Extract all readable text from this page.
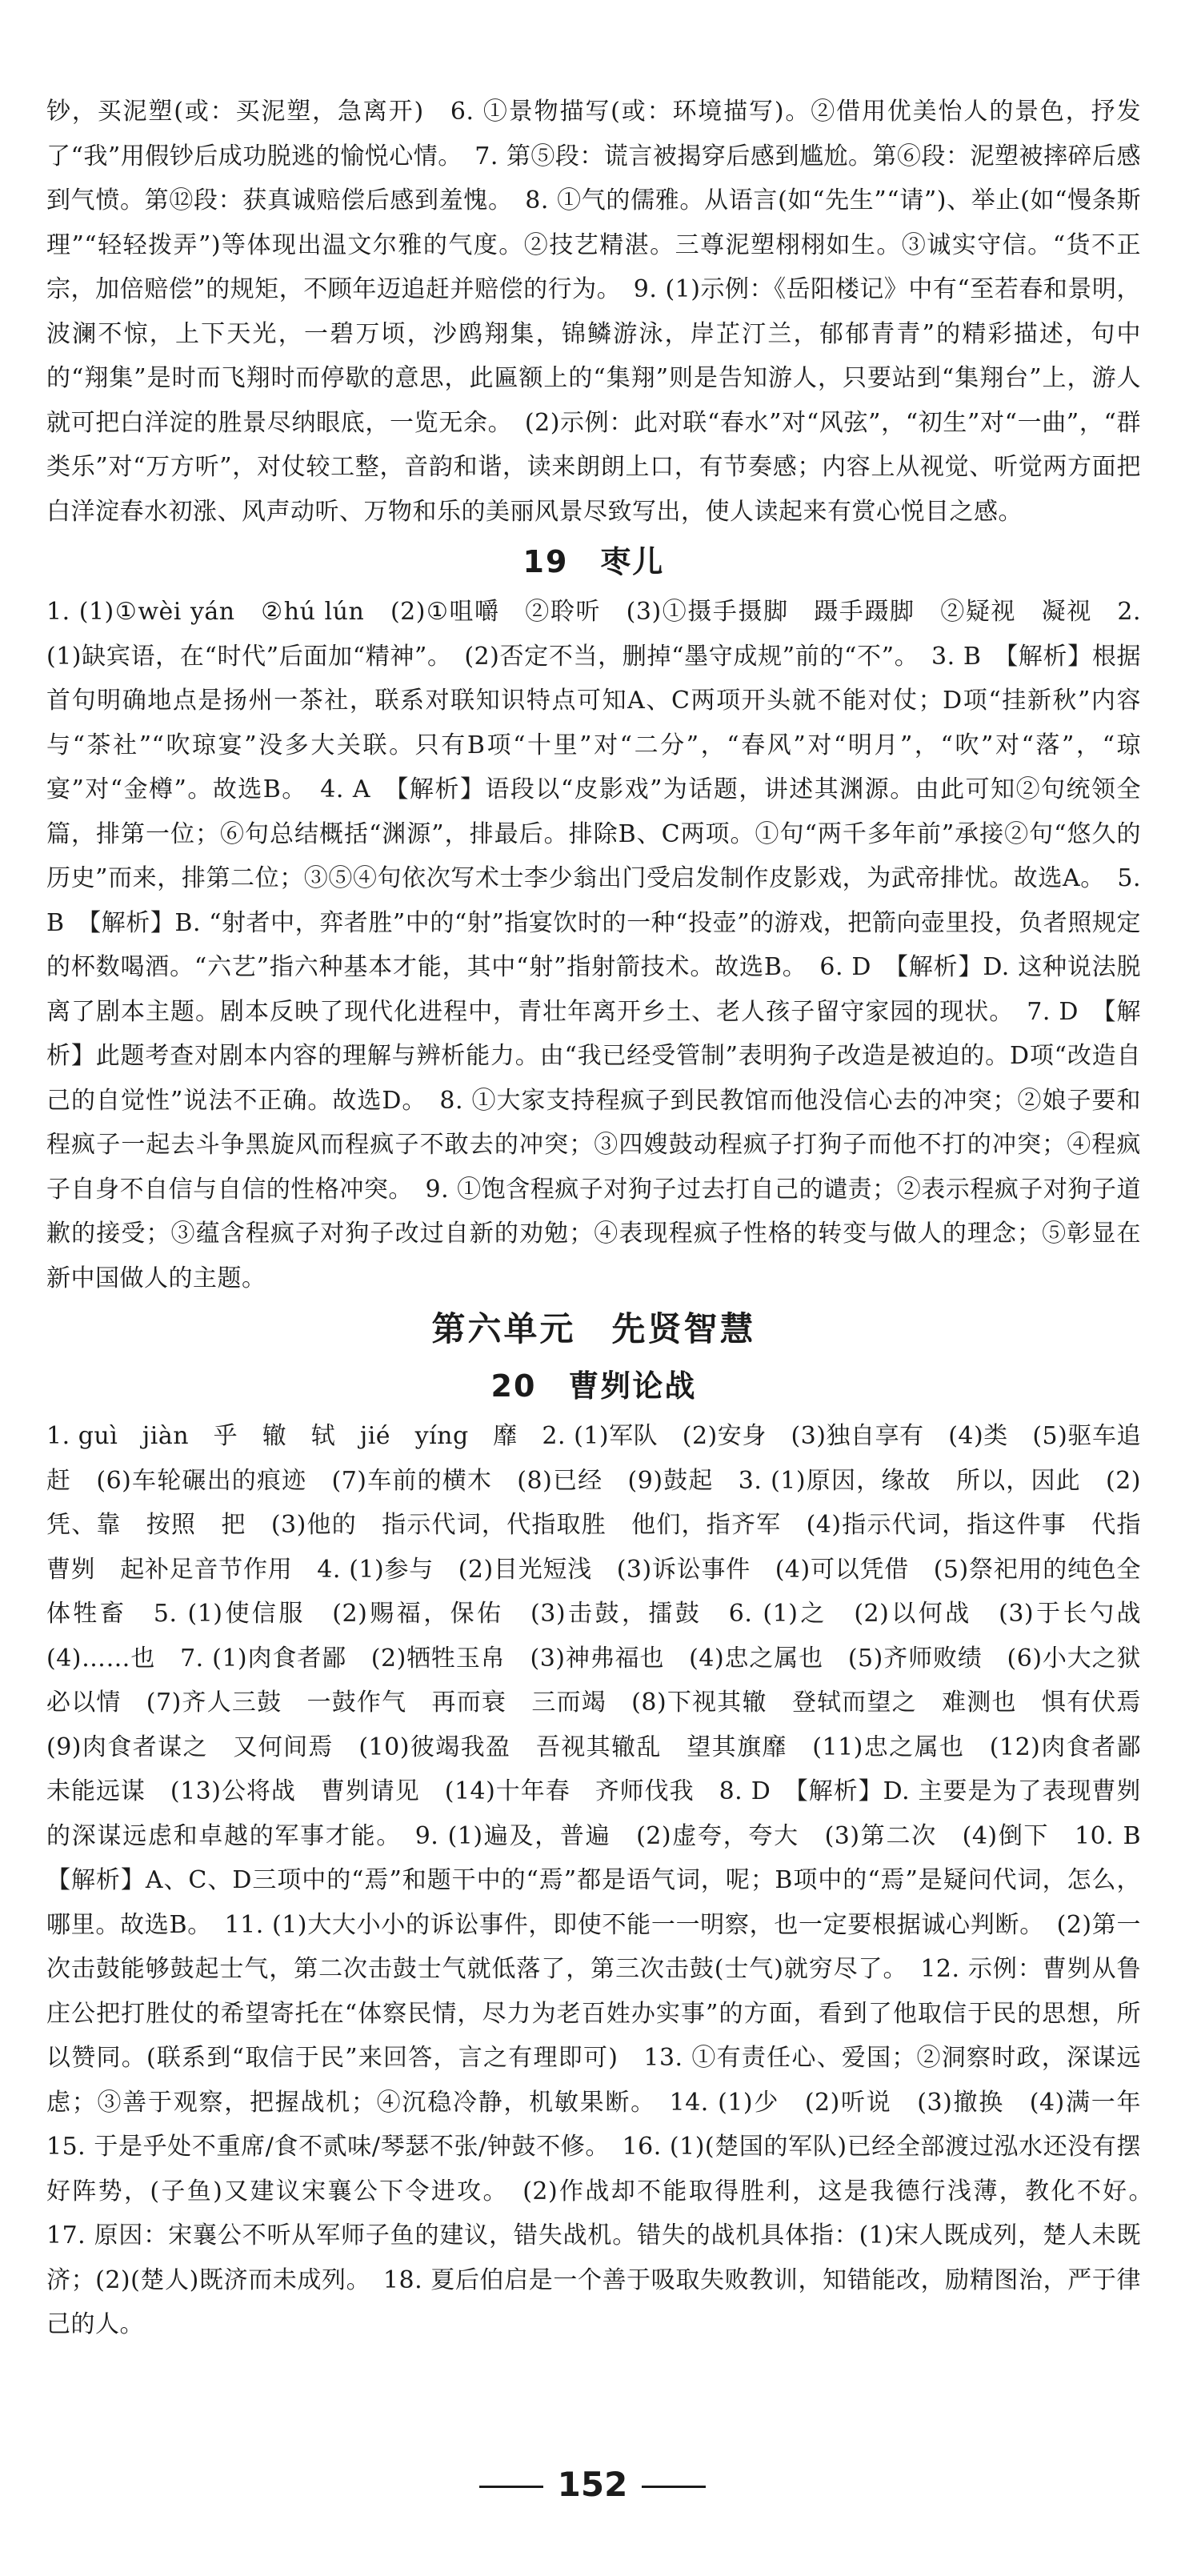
钞，买泥塑(或：买泥塑，急离开)　6. ①景物描写(或：环境描写)。②借用优美怡人的景色，抒发了“我”用假钞后成功脱逃的愉悦心情。　7. 第⑤段：谎言被揭穿后感到尴尬。第⑥段：泥塑被摔碎后感到气愤。第⑫段：获真诚赔偿后感到羞愧。　8. ①气的儒雅。从语言(如“先生”“请”)、举止(如“慢条斯理”“轻轻拨弄”)等体现出温文尔雅的气度。②技艺精湛。三尊泥塑栩栩如生。③诚实守信。“货不正宗，加倍赔偿”的规矩，不顾年迈追赶并赔偿的行为。　9. (1)示例：《岳阳楼记》中有“至若春和景明，波澜不惊，上下天光，一碧万顷，沙鸥翔集，锦鳞游泳，岸芷汀兰，郁郁青青”的精彩描述，句中的“翔集”是时而飞翔时而停歇的意思，此匾额上的“集翔”则是告知游人，只要站到“集翔台”上，游人就可把白洋淀的胜景尽纳眼底，一览无余。　(2)示例：此对联“春水”对“风弦”，“初生”对“一曲”，“群类乐”对“万方听”，对仗较工整，音韵和谐，读来朗朗上口，有节奏感；内容上从视觉、听觉两方面把白洋淀春水初涨、风声动听、万物和乐的美丽风景尽致写出，使人读起来有赏心悦目之感。

19　枣儿

1. (1)①wèi yán　②hú lún　(2)①咀嚼　②聆听　(3)①摄手摄脚　蹑手蹑脚　②疑视　凝视　2. (1)缺宾语，在“时代”后面加“精神”。　(2)否定不当，删掉“墨守成规”前的“不”。　3. B　【解析】根据首句明确地点是扬州一茶社，联系对联知识特点可知A、C两项开头就不能对仗；D项“挂新秋”内容与“茶社”“吹琼宴”没多大关联。只有B项“十里”对“二分”，“春风”对“明月”，“吹”对“落”，“琼宴”对“金樽”。故选B。　4. A　【解析】语段以“皮影戏”为话题，讲述其渊源。由此可知②句统领全篇，排第一位；⑥句总结概括“渊源”，排最后。排除B、C两项。①句“两千多年前”承接②句“悠久的历史”而来，排第二位；③⑤④句依次写术士李少翁出门受启发制作皮影戏，为武帝排忧。故选A。　5. B　【解析】B. “射者中，弈者胜”中的“射”指宴饮时的一种“投壶”的游戏，把箭向壶里投，负者照规定的杯数喝酒。“六艺”指六种基本才能，其中“射”指射箭技术。故选B。　6. D　【解析】D. 这种说法脱离了剧本主题。剧本反映了现代化进程中，青壮年离开乡土、老人孩子留守家园的现状。　7. D　【解析】此题考查对剧本内容的理解与辨析能力。由“我已经受管制”表明狗子改造是被迫的。D项“改造自己的自觉性”说法不正确。故选D。　8. ①大家支持程疯子到民教馆而他没信心去的冲突；②娘子要和程疯子一起去斗争黑旋风而程疯子不敢去的冲突；③四嫂鼓动程疯子打狗子而他不打的冲突；④程疯子自身不自信与自信的性格冲突。　9. ①饱含程疯子对狗子过去打自己的谴责；②表示程疯子对狗子道歉的接受；③蕴含程疯子对狗子改过自新的劝勉；④表现程疯子性格的转变与做人的理念；⑤彰显在新中国做人的主题。

第六单元　先贤智慧
20　曹刿论战

1. guì　jiàn　乎　辙　轼　jié　yíng　靡　2. (1)军队　(2)安身　(3)独自享有　(4)类　(5)驱车追赶　(6)车轮碾出的痕迹　(7)车前的横木　(8)已经　(9)鼓起　3. (1)原因，缘故　所以，因此　(2)凭、靠　按照　把　(3)他的　指示代词，代指取胜　他们，指齐军　(4)指示代词，指这件事　代指曹刿　起补足音节作用　4. (1)参与　(2)目光短浅　(3)诉讼事件　(4)可以凭借　(5)祭祀用的纯色全体牲畜　5. (1)使信服　(2)赐福，保佑　(3)击鼓，擂鼓　6. (1)之　(2)以何战　(3)于长勺战　(4)……也　7. (1)肉食者鄙　(2)牺牲玉帛　(3)神弗福也　(4)忠之属也　(5)齐师败绩　(6)小大之狱　必以情　(7)齐人三鼓　一鼓作气　再而衰　三而竭　(8)下视其辙　登轼而望之　难测也　惧有伏焉　(9)肉食者谋之　又何间焉　(10)彼竭我盈　吾视其辙乱　望其旗靡　(11)忠之属也　(12)肉食者鄙　未能远谋　(13)公将战　曹刿请见　(14)十年春　齐师伐我　8. D　【解析】D. 主要是为了表现曹刿的深谋远虑和卓越的军事才能。　9. (1)遍及，普遍　(2)虚夸，夸大　(3)第二次　(4)倒下　10. B　【解析】A、C、D三项中的“焉”和题干中的“焉”都是语气词，呢；B项中的“焉”是疑问代词，怎么，哪里。故选B。　11. (1)大大小小的诉讼事件，即使不能一一明察，也一定要根据诚心判断。　(2)第一次击鼓能够鼓起士气，第二次击鼓士气就低落了，第三次击鼓(士气)就穷尽了。　12. 示例：曹刿从鲁庄公把打胜仗的希望寄托在“体察民情，尽力为老百姓办实事”的方面，看到了他取信于民的思想，所以赞同。(联系到“取信于民”来回答，言之有理即可)　13. ①有责任心、爱国；②洞察时政，深谋远虑；③善于观察，把握战机；④沉稳冷静，机敏果断。　14. (1)少　(2)听说　(3)撤换　(4)满一年　15. 于是乎处不重席/食不贰味/琴瑟不张/钟鼓不修。　16. (1)(楚国的军队)已经全部渡过泓水还没有摆好阵势，(子鱼)又建议宋襄公下令进攻。　(2)作战却不能取得胜利，这是我德行浅薄，教化不好。　17. 原因：宋襄公不听从军师子鱼的建议，错失战机。错失的战机具体指：(1)宋人既成列，楚人未既济；(2)(楚人)既济而未成列。　18. 夏后伯启是一个善于吸取失败教训，知错能改，励精图治，严于律己的人。

152
